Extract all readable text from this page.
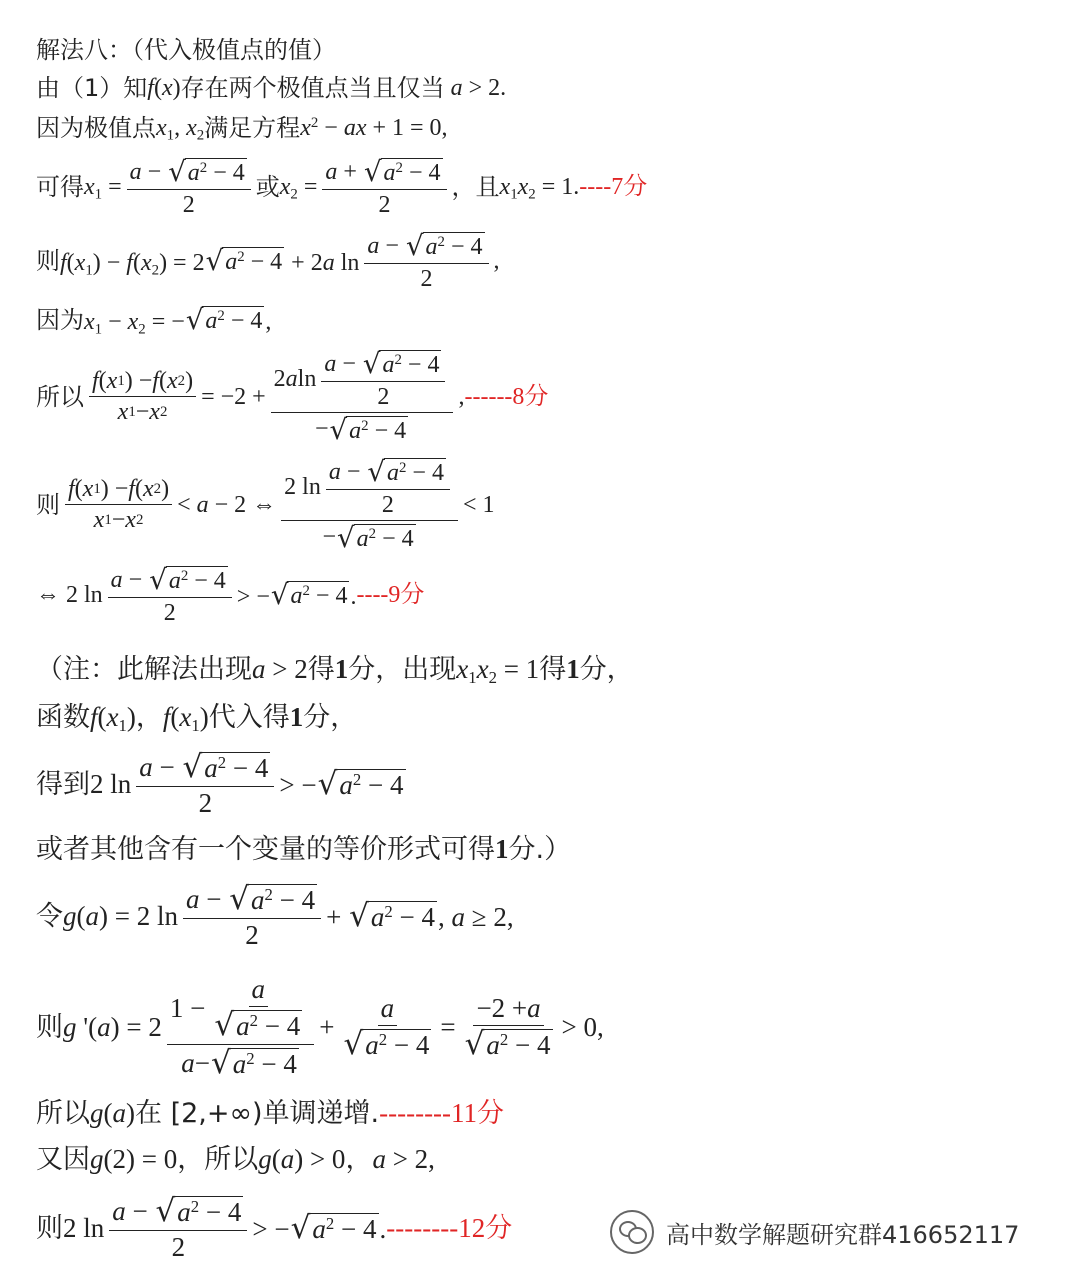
解法八：（代入极值点的值）
由（1）知 f(x) 存在两个极值点当且仅当 a > 2.
因为极值点 $x_1$, $x_2$ 满足方程 $x^2$ − ax + 1 = 0,
可得 $x_1 = \frac{a - √ a^2 - 4}{2}$ 或 $x_2 = \frac{a + √ a^2 - 4}{2}$ ，且 $x_1x_2 = 1$. ----7分
则 $f(x_1) - f(x_2) = 2$ √ $a^2 - 4 + 2a$ $\ln \frac{a - √ a^2 - 4}{2}$ ,
因为 $x_1 - x_2$ = − √ $a^2 - 4$ ,
所以 $\frac{f ( x 1 ) - f ( x 2 )}{x 1 - x 2} = -2 + \frac{2 a \ln \frac{a - √ a^2 - 4}{2}}{- √ a^2 - 4}$ , ------8分
则 $\frac{f ( x 1 ) - f ( x 2 )}{x 1 - x 2} < a - 2$ ⇔ $\frac{2 \ln \frac{a - √ a^2 - 4}{2}}{- √ a^2 - 4} < 1$
⇔ 2 $\ln \frac{a - √ a^2 - 4}{2}$ > − √ $a^2 - 4$ . ----9分
（注：此解法出现 a > 2 得 1 分，出现 $x_1x_2 = 1$ 得 1 分，
函数 $f(x_1)$ ， $f(x_1)$ 代入得 1 分，
得到 2 $\ln \frac{a - √ a^2 - 4}{2}$ > − √ $a^2 - 4$
或者其他含有一个变量的等价形式可得 1 分.）
令 g(a) = 2 $\ln \frac{a - √ a^2 - 4}{2}$ + √ $a^2 - 4$ , a ≥ 2,
则 g '$(a) = 2 \frac{1 - \frac{a}{√ a^2 - 4}}{a - √ a^2 - 4} + \frac{a}{√ a^2 - 4} = \frac{-2 + a}{√ a^2 - 4} > 0$,
所以 g(a) 在 [2,+∞)单调递增. --------11分
又因 g(2) = 0 ，所以 g(a) > 0 ， a > 2,
则 2 $\ln \frac{a - √ a^2 - 4}{2}$ > − √ $a^2 - 4$ . --------12分	高中数学解题研究群416652117
